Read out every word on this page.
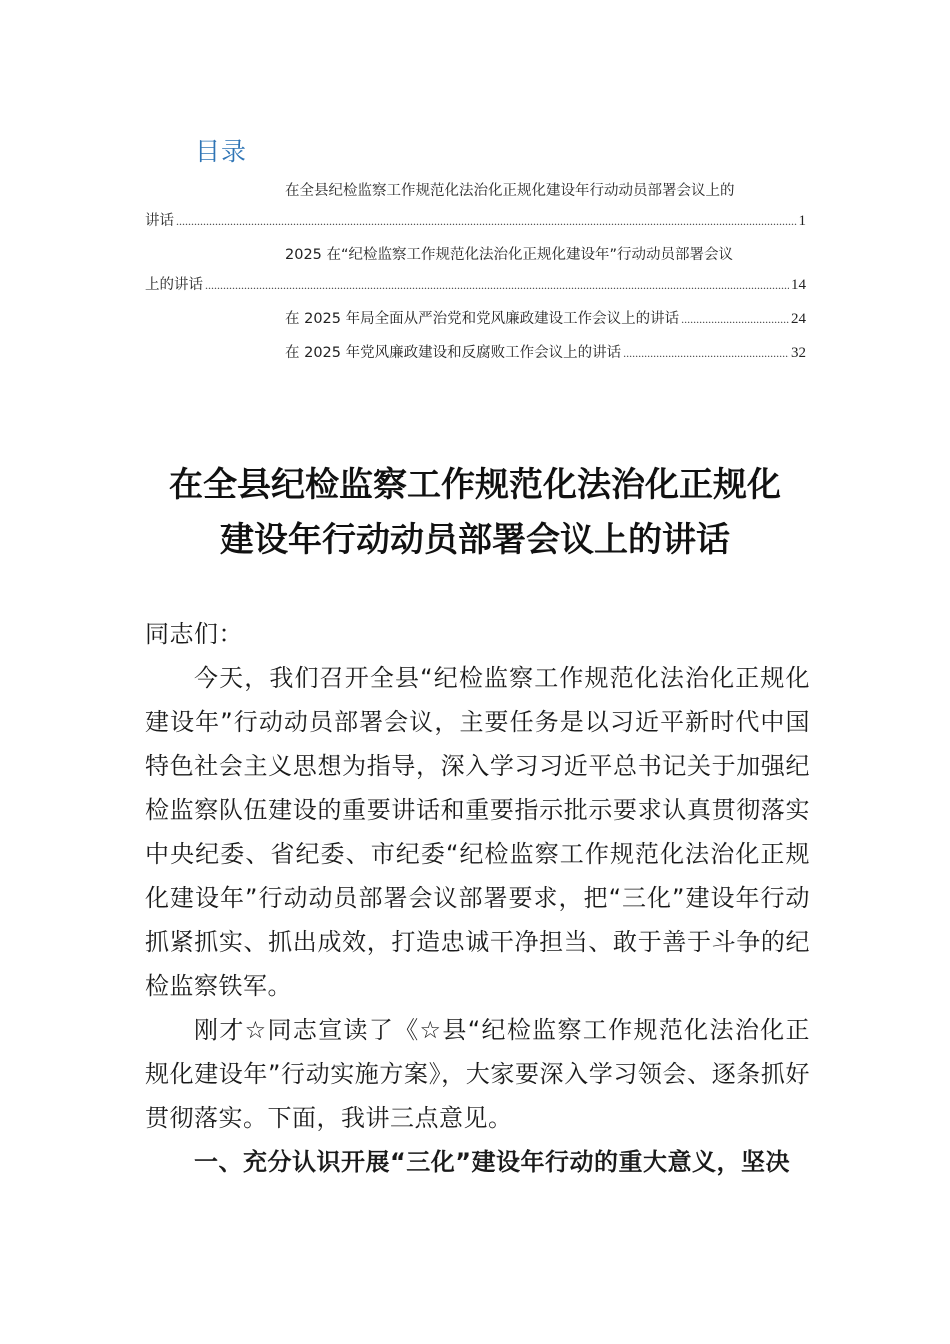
目录
在全县纪检监察工作规范化法治化正规化建设年行动动员部署会议上的
讲话 .....	1
2025 在“纪检监察工作规范化法治化正规化建设年”行动动员部署会议
上的讲话 .....	14
在 2025 年局全面从严治党和党风廉政建设工作会议上的讲话 .....	24
在 2025 年党风廉政建设和反腐败工作会议上的讲话 .....	32
在全县纪检监察工作规范化法治化正规化
建设年行动动员部署会议上的讲话

同志们：

今天，我们召开全县“纪检监察工作规范化法治化正规化建设年”行动动员部署会议，主要任务是以习近平新时代中国特色社会主义思想为指导，深入学习习近平总书记关于加强纪检监察队伍建设的重要讲话和重要指示批示要求认真贯彻落实中央纪委、省纪委、市纪委“纪检监察工作规范化法治化正规化建设年”行动动员部署会议部署要求，把“三化”建设年行动抓紧抓实、抓出成效，打造忠诚干净担当、敢于善于斗争的纪检监察铁军。

刚才☆同志宣读了《☆县“纪检监察工作规范化法治化正规化建设年”行动实施方案》，大家要深入学习领会、逐条抓好贯彻落实。下面，我讲三点意见。

一、充分认识开展“三化”建设年行动的重大意义，坚决
